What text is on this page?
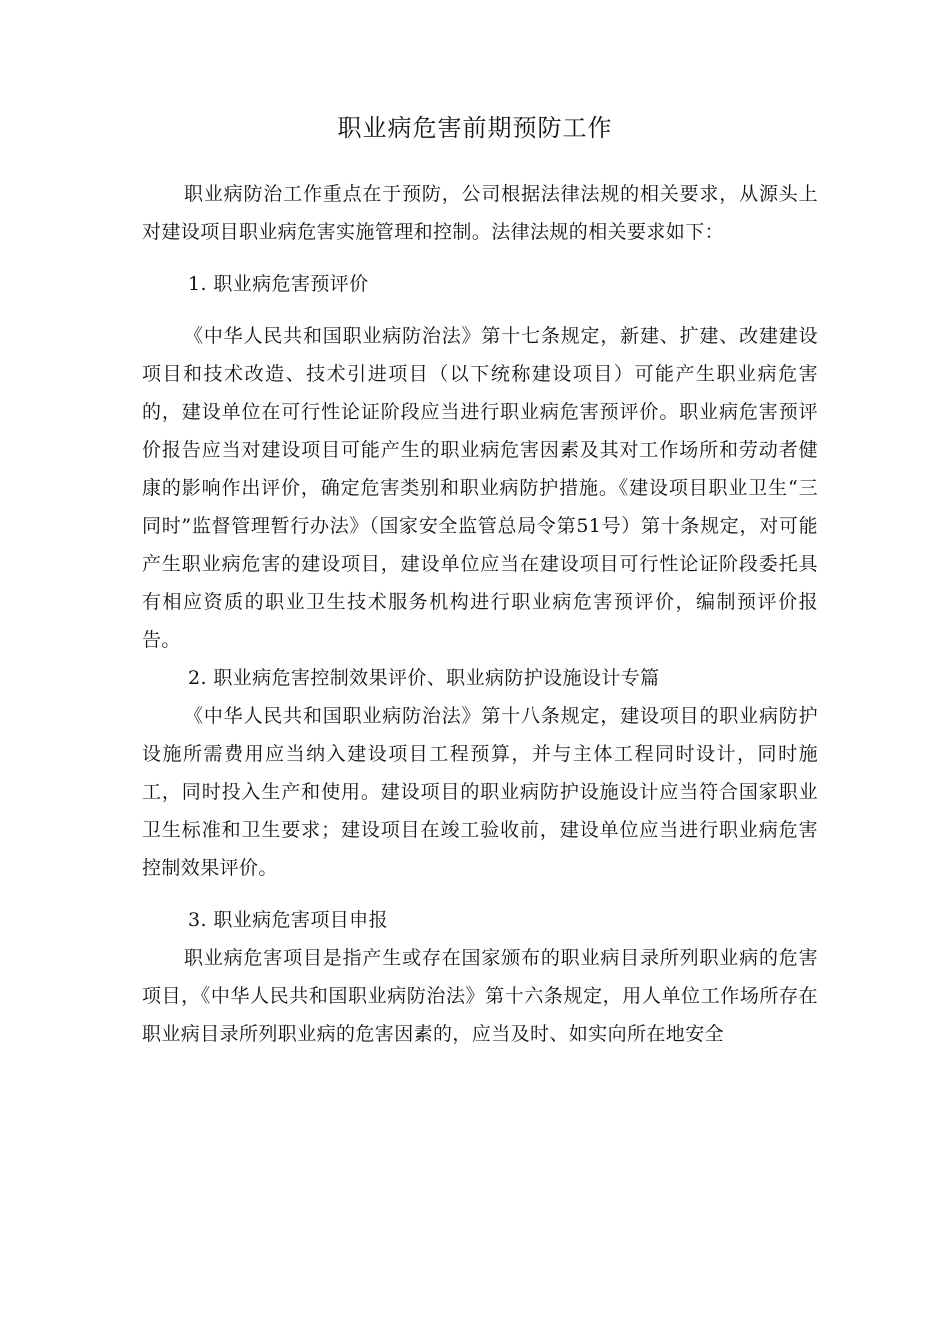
职业病危害前期预防工作

职业病防治工作重点在于预防，公司根据法律法规的相关要求，从源头上对建设项目职业病危害实施管理和控制。法律法规的相关要求如下：

1. 职业病危害预评价

《中华人民共和国职业病防治法》第十七条规定，新建、扩建、改建建设项目和技术改造、技术引进项目（以下统称建设项目）可能产生职业病危害的，建设单位在可行性论证阶段应当进行职业病危害预评价。职业病危害预评价报告应当对建设项目可能产生的职业病危害因素及其对工作场所和劳动者健康的影响作出评价，确定危害类别和职业病防护措施。《建设项目职业卫生“三同时”监督管理暂行办法》（国家安全监管总局令第51号）第十条规定，对可能产生职业病危害的建设项目，建设单位应当在建设项目可行性论证阶段委托具有相应资质的职业卫生技术服务机构进行职业病危害预评价，编制预评价报告。

2. 职业病危害控制效果评价、职业病防护设施设计专篇

《中华人民共和国职业病防治法》第十八条规定，建设项目的职业病防护设施所需费用应当纳入建设项目工程预算，并与主体工程同时设计，同时施工，同时投入生产和使用。建设项目的职业病防护设施设计应当符合国家职业卫生标准和卫生要求；建设项目在竣工验收前，建设单位应当进行职业病危害控制效果评价。

3. 职业病危害项目申报

职业病危害项目是指产生或存在国家颁布的职业病目录所列职业病的危害项目，《中华人民共和国职业病防治法》第十六条规定，用人单位工作场所存在职业病目录所列职业病的危害因素的，应当及时、如实向所在地安全
